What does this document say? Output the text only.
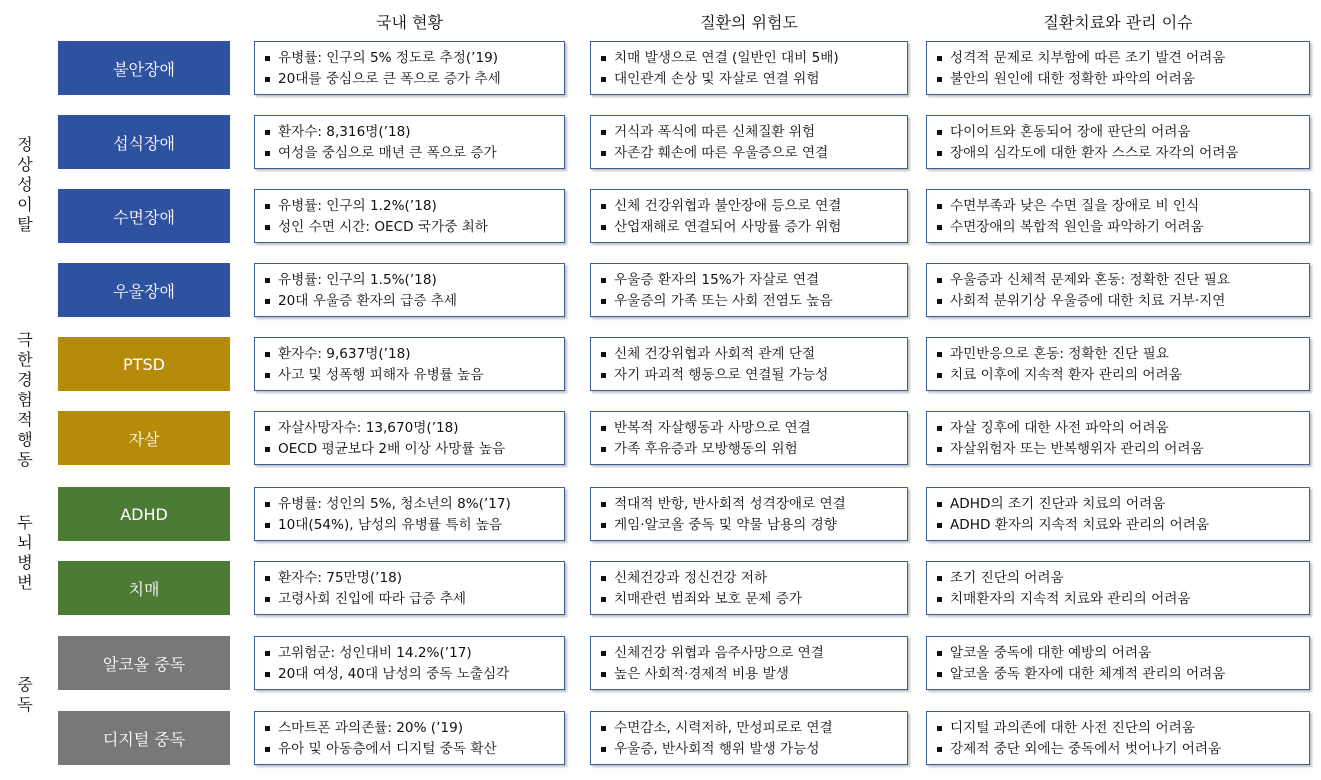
국내 현황	질환의 위험도	질환치료와 관리 이슈
정
상
성
이
탈
극
한
경험
적
행
동
두
뇌
병
변
중
독
불안장애
유병률: 인구의 5% 정도로 추정(’19)
20대를 중심으로 큰 폭으로 증가 추세
치매 발생으로 연결 (일반인 대비 5배)
대인관계 손상 및 자살로 연결 위험
성격적 문제로 치부함에 따른 조기 발견 어려움
불안의 원인에 대한 정확한 파악의 어려움
섭식장애
환자수: 8,316명(’18)
여성을 중심으로 매년 큰 폭으로 증가
거식과 폭식에 따른 신체질환 위험
자존감 훼손에 따른 우울증으로 연결
다이어트와 혼동되어 장애 판단의 어려움
장애의 심각도에 대한 환자 스스로 자각의 어려움
수면장애
유병률: 인구의 1.2%(’18)
성인 수면 시간: OECD 국가중 최하
신체 건강위협과 불안장애 등으로 연결
산업재해로 연결되어 사망률 증가 위험
수면부족과 낮은 수면 질을 장애로 비 인식
수면장애의 복합적 원인을 파악하기 어려움
우울장애
유병률: 인구의 1.5%(’18)
20대 우울증 환자의 급증 추세
우울증 환자의 15%가 자살로 연결
우울증의 가족 또는 사회 전염도 높음
우울증과 신체적 문제와 혼동: 정확한 진단 필요
사회적 분위기상 우울증에 대한 치료 거부·지연
PTSD
환자수: 9,637명(’18)
사고 및 성폭행 피해자 유병률 높음
신체 건강위협과 사회적 관계 단절
자기 파괴적 행동으로 연결될 가능성
과민반응으로 혼동: 정확한 진단 필요
치료 이후에 지속적 환자 관리의 어려움
자살
자살사망자수: 13,670명(’18)
OECD 평균보다 2배 이상 사망률 높음
반복적 자살행동과 사망으로 연결
가족 후유증과 모방행동의 위험
자살 징후에 대한 사전 파악의 어려움
자살위험자 또는 반복행위자 관리의 어려움
ADHD
유병률: 성인의 5%, 청소년의 8%(’17)
10대(54%), 남성의 유병률 특히 높음
적대적 반항, 반사회적 성격장애로 연결
게임·알코올 중독 및 약물 남용의 경향
ADHD의 조기 진단과 치료의 어려움
ADHD 환자의 지속적 치료와 관리의 어려움
치매
환자수: 75만명(’18)
고령사회 진입에 따라 급증 추세
신체건강과 정신건강 저하
치매관련 범죄와 보호 문제 증가
조기 진단의 어려움
치매환자의 지속적 치료와 관리의 어려움
알코올 중독
고위험군: 성인대비 14.2%(’17)
20대 여성, 40대 남성의 중독 노출심각
신체건강 위협과 음주사망으로 연결
높은 사회적·경제적 비용 발생
알코올 중독에 대한 예방의 어려움
알코올 중독 환자에 대한 체계적 관리의 어려움
디지털 중독
스마트폰 과의존률: 20% (’19)
유아 및 아동층에서 디지털 중독 확산
수면감소, 시력저하, 만성피로로 연결
우울증, 반사회적 행위 발생 가능성
디지털 과의존에 대한 사전 진단의 어려움
강제적 중단 외에는 중독에서 벗어나기 어려움
